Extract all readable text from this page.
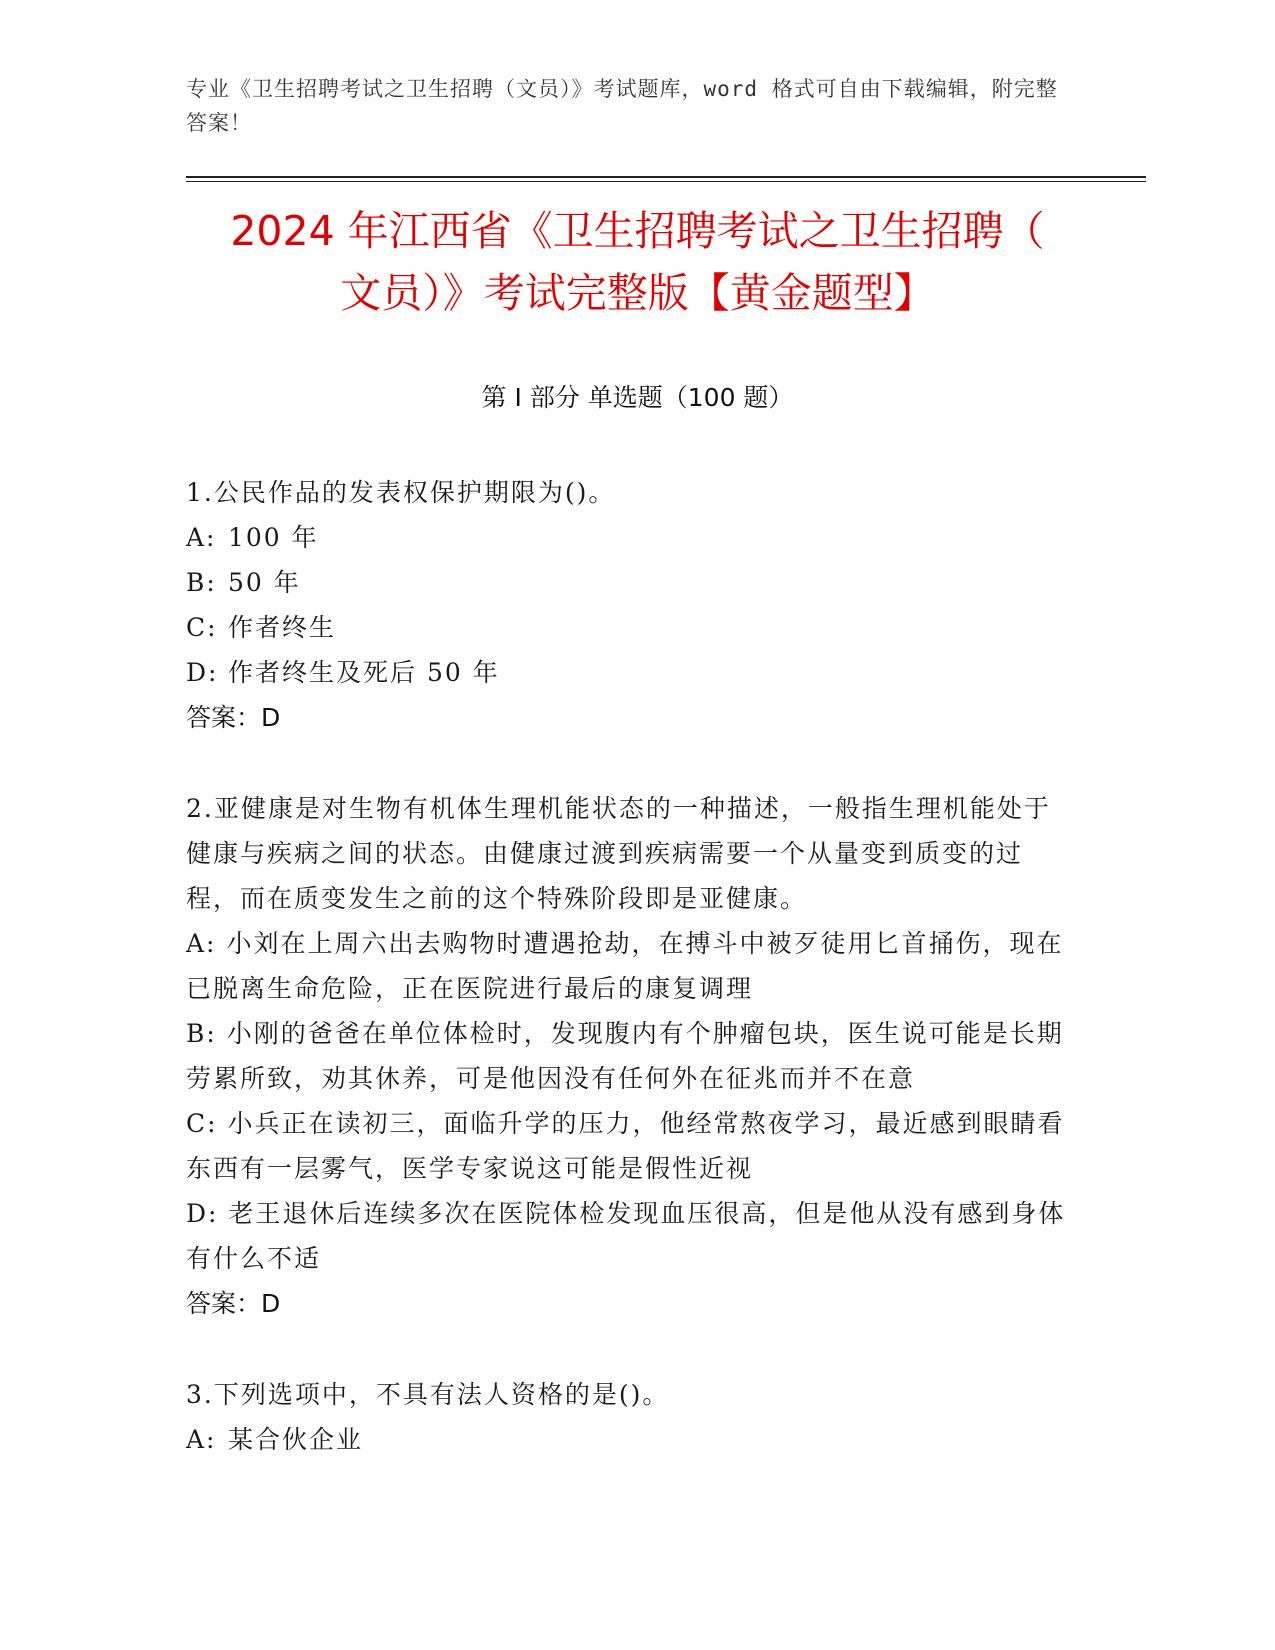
专业《卫生招聘考试之卫生招聘（文员）》考试题库，word 格式可自由下载编辑，附完整答案！
2024 年江西省《卫生招聘考试之卫生招聘（
文员）》考试完整版【黄金题型】
第 I 部分 单选题（100 题）

1.公民作品的发表权保护期限为()。

A: 100 年

B: 50 年

C: 作者终生

D: 作者终生及死后 50 年

答案：D

2.亚健康是对生物有机体生理机能状态的一种描述，一般指生理机能处于健康与疾病之间的状态。由健康过渡到疾病需要一个从量变到质变的过程，而在质变发生之前的这个特殊阶段即是亚健康。

A: 小刘在上周六出去购物时遭遇抢劫，在搏斗中被歹徒用匕首捅伤，现在已脱离生命危险，正在医院进行最后的康复调理

B: 小刚的爸爸在单位体检时，发现腹内有个肿瘤包块，医生说可能是长期劳累所致，劝其休养，可是他因没有任何外在征兆而并不在意

C: 小兵正在读初三，面临升学的压力，他经常熬夜学习，最近感到眼睛看东西有一层雾气，医学专家说这可能是假性近视

D: 老王退休后连续多次在医院体检发现血压很高，但是他从没有感到身体有什么不适

答案：D

3.下列选项中，不具有法人资格的是()。

A: 某合伙企业
